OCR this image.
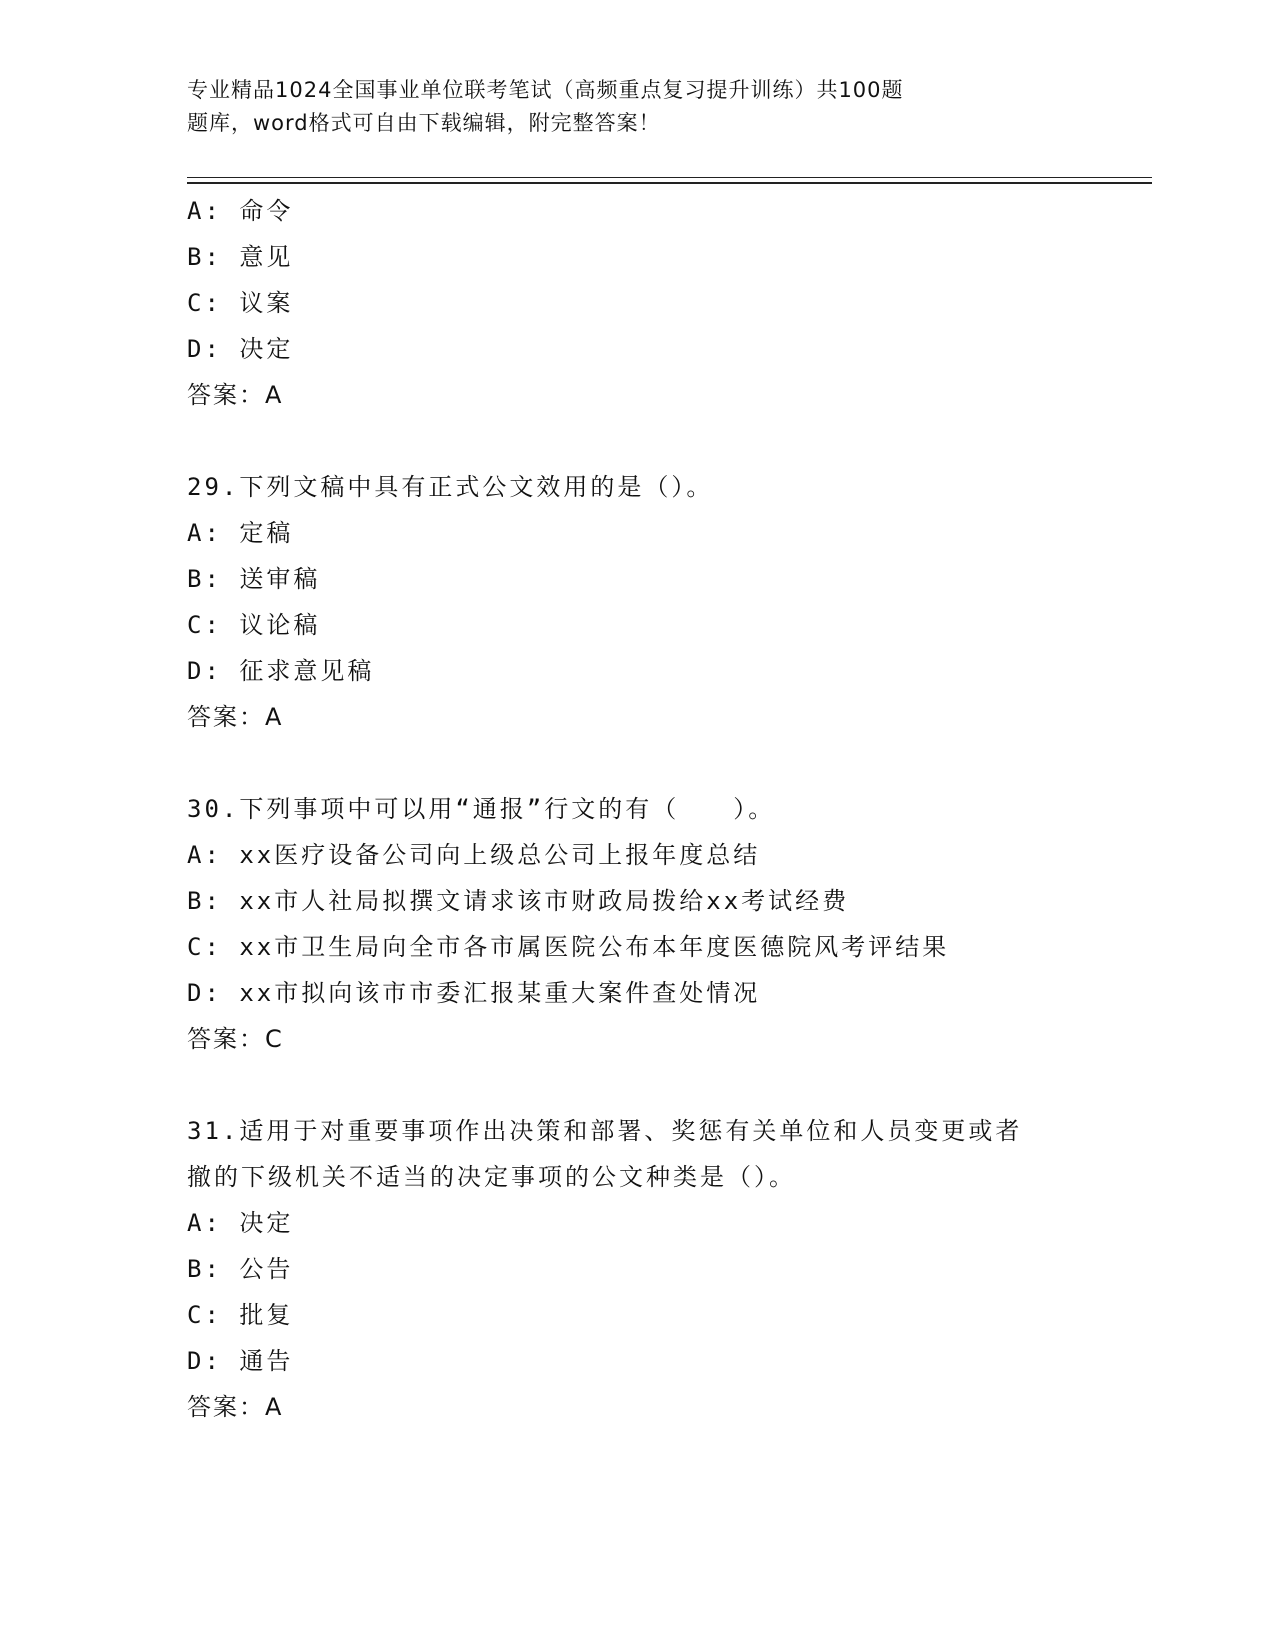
专业精品1024全国事业单位联考笔试（高频重点复习提升训练）共100题
题库，word格式可自由下载编辑，附完整答案！
A: 命令
B: 意见
C: 议案
D: 决定
答案：A
29.下列文稿中具有正式公文效用的是（）。
A: 定稿
B: 送审稿
C: 议论稿
D: 征求意见稿
答案：A
30.下列事项中可以用“通报”行文的有（　　）。
A: xx医疗设备公司向上级总公司上报年度总结
B: xx市人社局拟撰文请求该市财政局拨给xx考试经费
C: xx市卫生局向全市各市属医院公布本年度医德院风考评结果
D: xx市拟向该市市委汇报某重大案件查处情况
答案：C
31.适用于对重要事项作出决策和部署、奖惩有关单位和人员变更或者
撤的下级机关不适当的决定事项的公文种类是（）。
A: 决定
B: 公告
C: 批复
D: 通告
答案：A
